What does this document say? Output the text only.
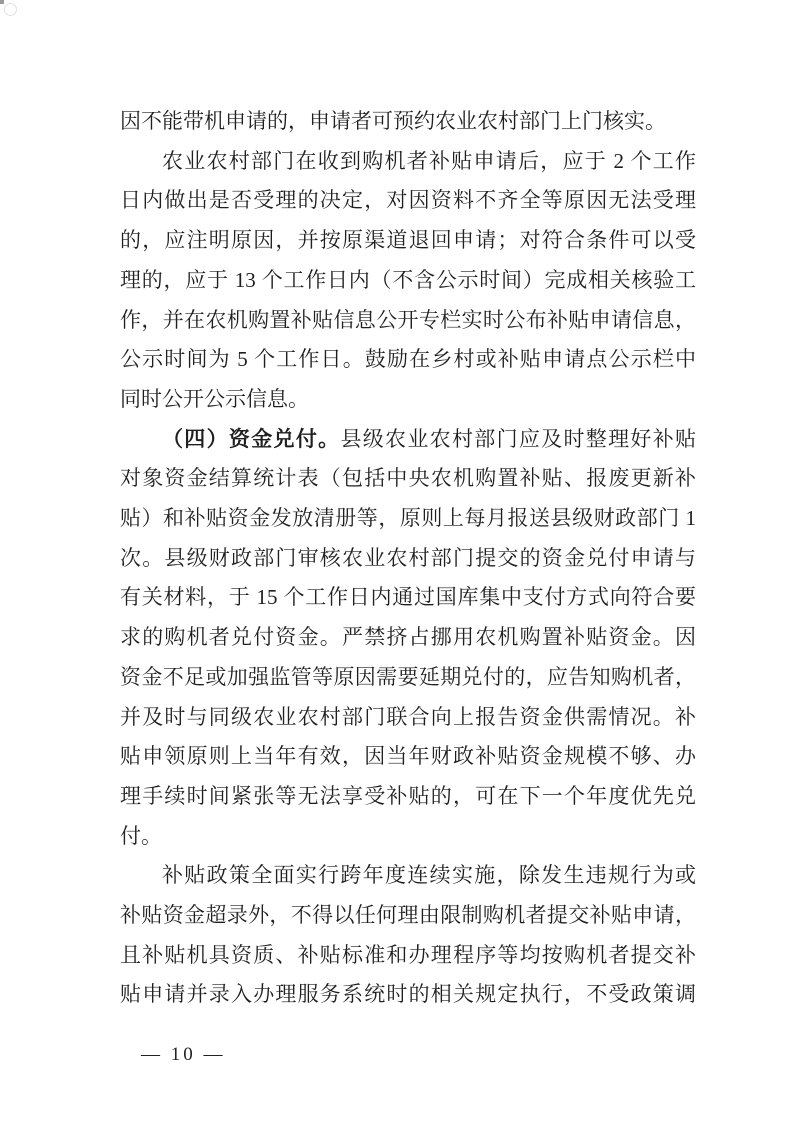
因不能带机申请的，申请者可预约农业农村部门上门核实。
农业农村部门在收到购机者补贴申请后，应于 2 个工作
日内做出是否受理的决定，对因资料不齐全等原因无法受理
的，应注明原因，并按原渠道退回申请；对符合条件可以受
理的，应于 13 个工作日内（不含公示时间）完成相关核验工
作，并在农机购置补贴信息公开专栏实时公布补贴申请信息，
公示时间为 5 个工作日。鼓励在乡村或补贴申请点公示栏中
同时公开公示信息。
（四）资金兑付。县级农业农村部门应及时整理好补贴
对象资金结算统计表（包括中央农机购置补贴、报废更新补
贴）和补贴资金发放清册等，原则上每月报送县级财政部门 1
次。县级财政部门审核农业农村部门提交的资金兑付申请与
有关材料，于 15 个工作日内通过国库集中支付方式向符合要
求的购机者兑付资金。严禁挤占挪用农机购置补贴资金。因
资金不足或加强监管等原因需要延期兑付的，应告知购机者，
并及时与同级农业农村部门联合向上报告资金供需情况。补
贴申领原则上当年有效，因当年财政补贴资金规模不够、办
理手续时间紧张等无法享受补贴的，可在下一个年度优先兑
付。
补贴政策全面实行跨年度连续实施，除发生违规行为或
补贴资金超录外，不得以任何理由限制购机者提交补贴申请，
且补贴机具资质、补贴标准和办理程序等均按购机者提交补
贴申请并录入办理服务系统时的相关规定执行，不受政策调
— 10 —
